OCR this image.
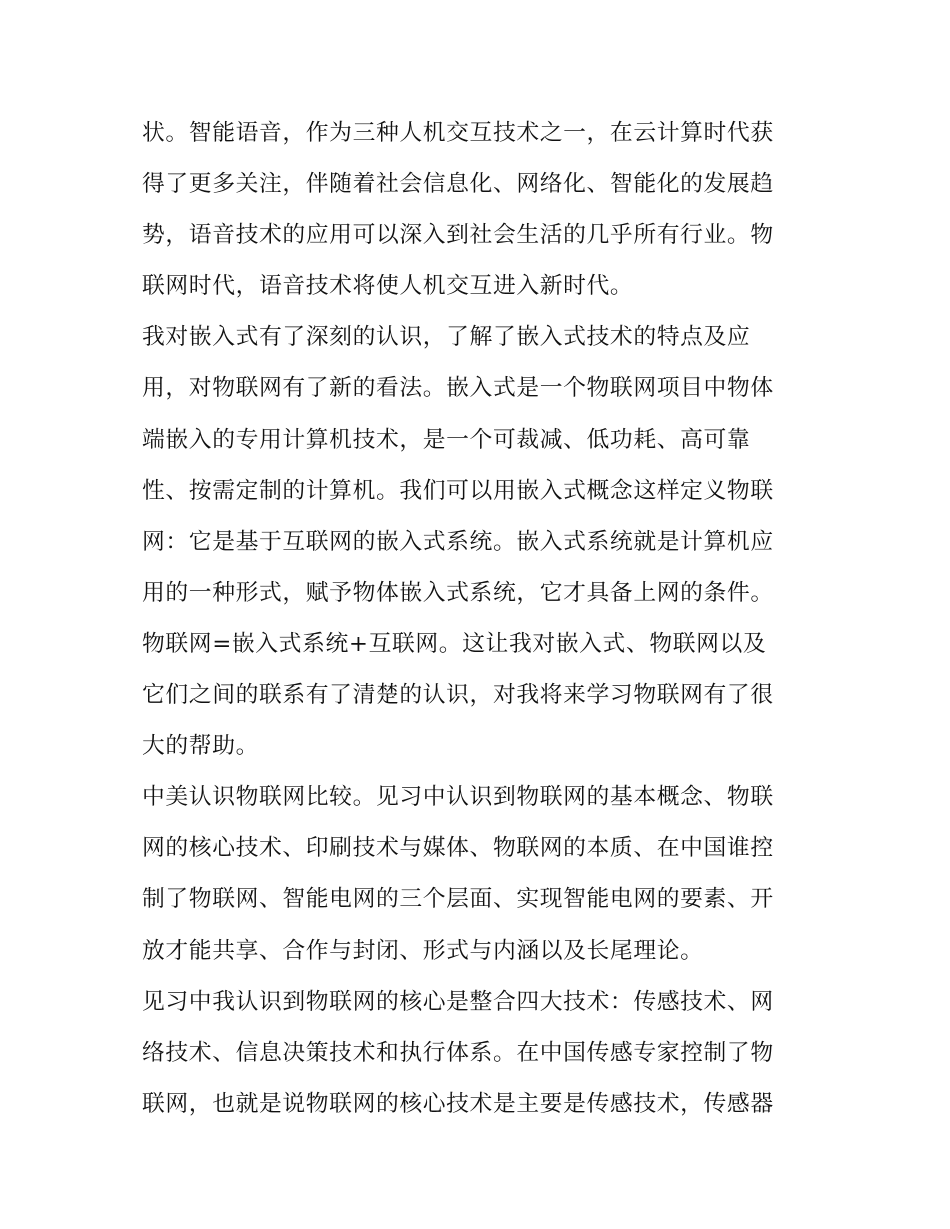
状。智能语音，作为三种人机交互技术之一，在云计算时代获
得了更多关注，伴随着社会信息化、网络化、智能化的发展趋
势，语音技术的应用可以深入到社会生活的几乎所有行业。物
联网时代，语音技术将使人机交互进入新时代。
我对嵌入式有了深刻的认识，了解了嵌入式技术的特点及应
用，对物联网有了新的看法。嵌入式是一个物联网项目中物体
端嵌入的专用计算机技术，是一个可裁减、低功耗、高可靠
性、按需定制的计算机。我们可以用嵌入式概念这样定义物联
网：它是基于互联网的嵌入式系统。嵌入式系统就是计算机应
用的一种形式，赋予物体嵌入式系统，它才具备上网的条件。
物联网=嵌入式系统+互联网。这让我对嵌入式、物联网以及
它们之间的联系有了清楚的认识，对我将来学习物联网有了很
大的帮助。
中美认识物联网比较。见习中认识到物联网的基本概念、物联
网的核心技术、印刷技术与媒体、物联网的本质、在中国谁控
制了物联网、智能电网的三个层面、实现智能电网的要素、开
放才能共享、合作与封闭、形式与内涵以及长尾理论。
见习中我认识到物联网的核心是整合四大技术：传感技术、网
络技术、信息决策技术和执行体系。在中国传感专家控制了物
联网，也就是说物联网的核心技术是主要是传感技术，传感器
